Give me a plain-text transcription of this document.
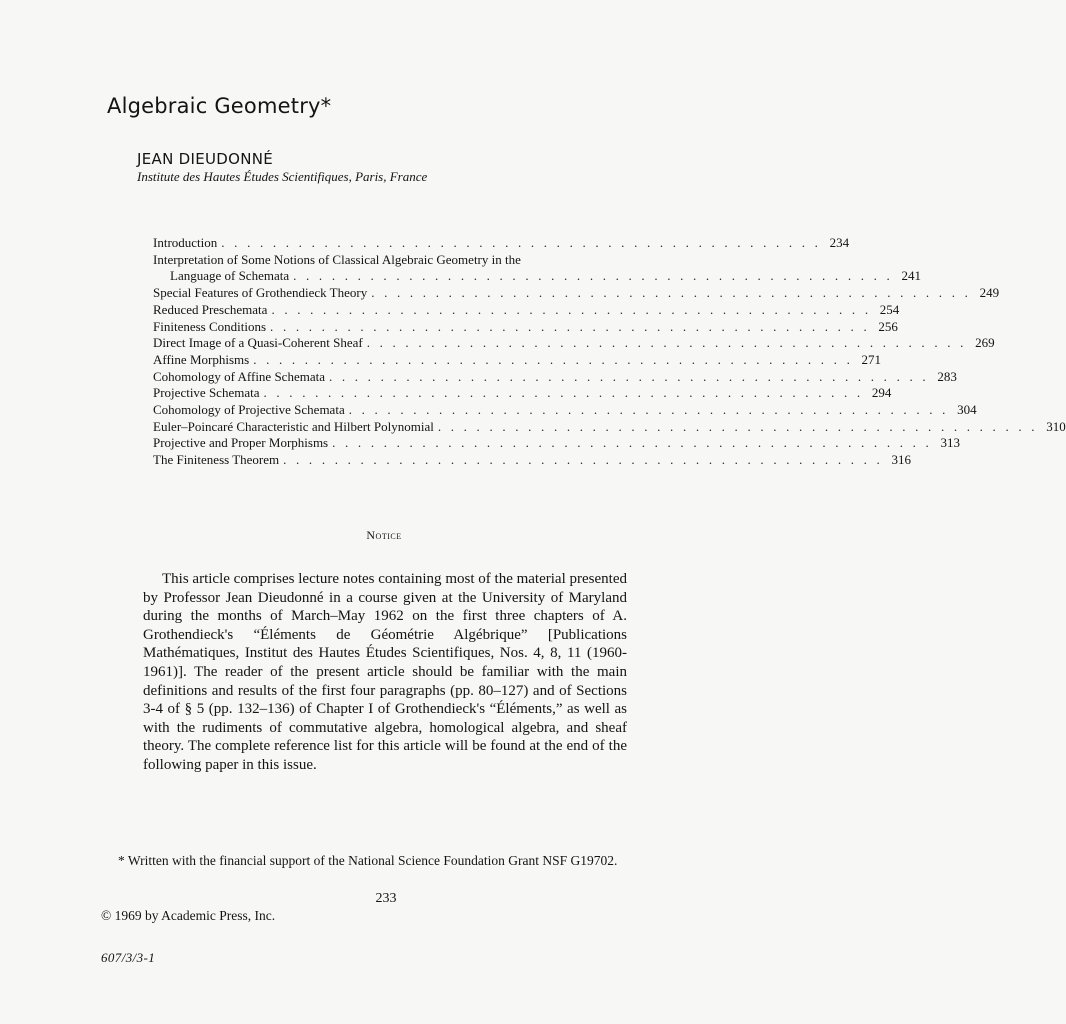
Algebraic Geometry*
JEAN DIEUDONNÉ
Institute des Hautes Études Scientifiques, Paris, France
Introduction . . . . . . . . . . . . . . . . . . . . . . . . . . . . . . . . . . . . . . . . . . . . . . . 234
Interpretation of Some Notions of Classical Algebraic Geometry in the
Language of Schemata . . . . . . . . . . . . . . . . . . . . . . . . . . . . . . . . . . . . . . . . . . . . . . . 241
Special Features of Grothendieck Theory . . . . . . . . . . . . . . . . . . . . . . . . . . . . . . . . . . . . . . . . . . . . . . . 249
Reduced Preschemata . . . . . . . . . . . . . . . . . . . . . . . . . . . . . . . . . . . . . . . . . . . . . . . 254
Finiteness Conditions . . . . . . . . . . . . . . . . . . . . . . . . . . . . . . . . . . . . . . . . . . . . . . . 256
Direct Image of a Quasi-Coherent Sheaf . . . . . . . . . . . . . . . . . . . . . . . . . . . . . . . . . . . . . . . . . . . . . . . 269
Affine Morphisms . . . . . . . . . . . . . . . . . . . . . . . . . . . . . . . . . . . . . . . . . . . . . . . 271
Cohomology of Affine Schemata . . . . . . . . . . . . . . . . . . . . . . . . . . . . . . . . . . . . . . . . . . . . . . . 283
Projective Schemata . . . . . . . . . . . . . . . . . . . . . . . . . . . . . . . . . . . . . . . . . . . . . . . 294
Cohomology of Projective Schemata . . . . . . . . . . . . . . . . . . . . . . . . . . . . . . . . . . . . . . . . . . . . . . . 304
Euler–Poincaré Characteristic and Hilbert Polynomial . . . . . . . . . . . . . . . . . . . . . . . . . . . . . . . . . . . . . . . . . . . . . . . 310
Projective and Proper Morphisms . . . . . . . . . . . . . . . . . . . . . . . . . . . . . . . . . . . . . . . . . . . . . . . 313
The Finiteness Theorem . . . . . . . . . . . . . . . . . . . . . . . . . . . . . . . . . . . . . . . . . . . . . . . 316
Notice

This article comprises lecture notes containing most of the material presented by Professor Jean Dieudonné in a course given at the University of Maryland during the months of March–May 1962 on the first three chapters of A. Grothendieck's “Éléments de Géométrie Algébrique” [Publications Mathématiques, Institut des Hautes Études Scientifiques, Nos. 4, 8, 11 (1960-1961)]. The reader of the present article should be familiar with the main definitions and results of the first four paragraphs (pp. 80–127) and of Sections 3-4 of § 5 (pp. 132–136) of Chapter I of Grothendieck's “Éléments,” as well as with the rudiments of commutative algebra, homological algebra, and sheaf theory. The complete reference list for this article will be found at the end of the following paper in this issue.

* Written with the financial support of the National Science Foundation Grant NSF G19702.

233
© 1969 by Academic Press, Inc.
607/3/3-1
